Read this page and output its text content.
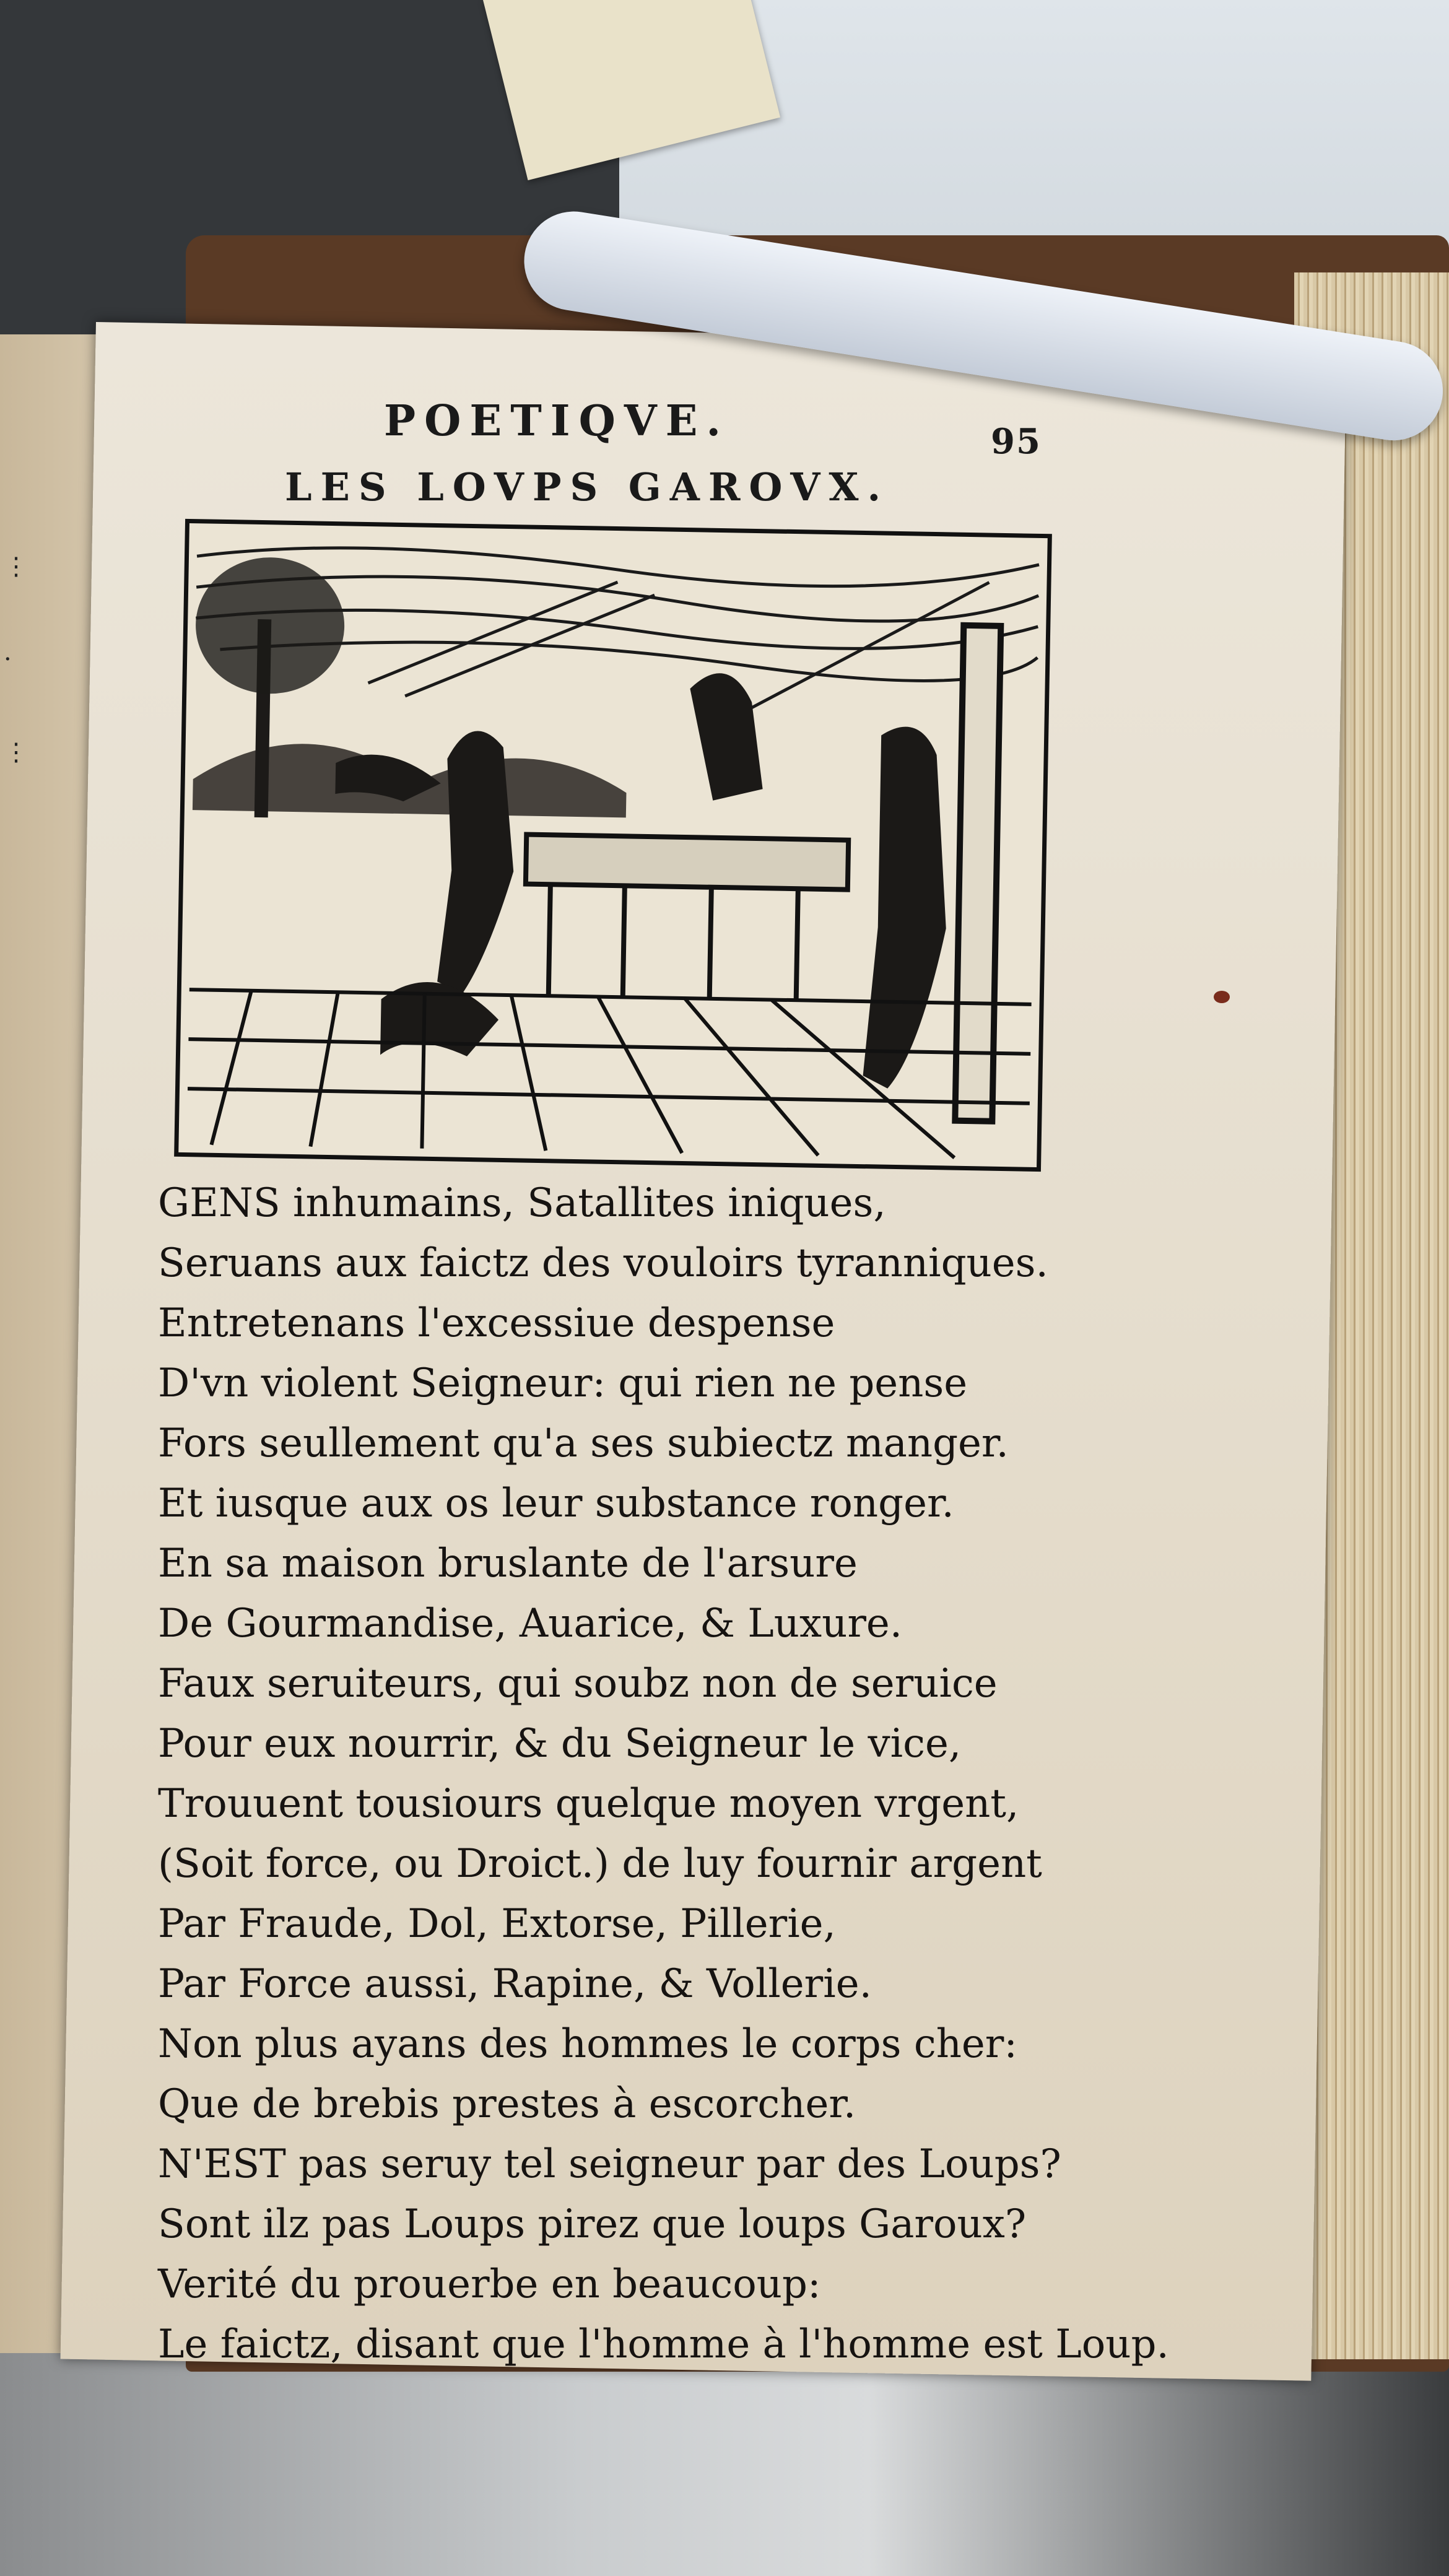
⋮
·
⋮
POETIQVE.	95
LES LOVPS GAROVX.
GENS inhumains, Satallites iniques,
Seruans aux faictz des vouloirs tyranniques.
Entretenans l'excessiue despense
D'vn violent Seigneur: qui rien ne pense
Fors seullement qu'a ses subiectz manger.
Et iusque aux os leur substance ronger.
En sa maison bruslante de l'arsure
De Gourmandise, Auarice, & Luxure.
Faux seruiteurs, qui soubz non de seruice
Pour eux nourrir, & du Seigneur le vice,
Trouuent tousiours quelque moyen vrgent,
(Soit force, ou Droict.) de luy fournir argent
Par Fraude, Dol, Extorse, Pillerie,
Par Force aussi, Rapine, & Vollerie.
Non plus ayans des hommes le corps cher:
Que de brebis prestes à escorcher.
N'EST pas seruy tel seigneur par des Loups?
Sont ilz pas Loups pirez que loups Garoux?
Verité du prouerbe en beaucoup:
Le faictz, disant que l'homme à l'homme est Loup.
